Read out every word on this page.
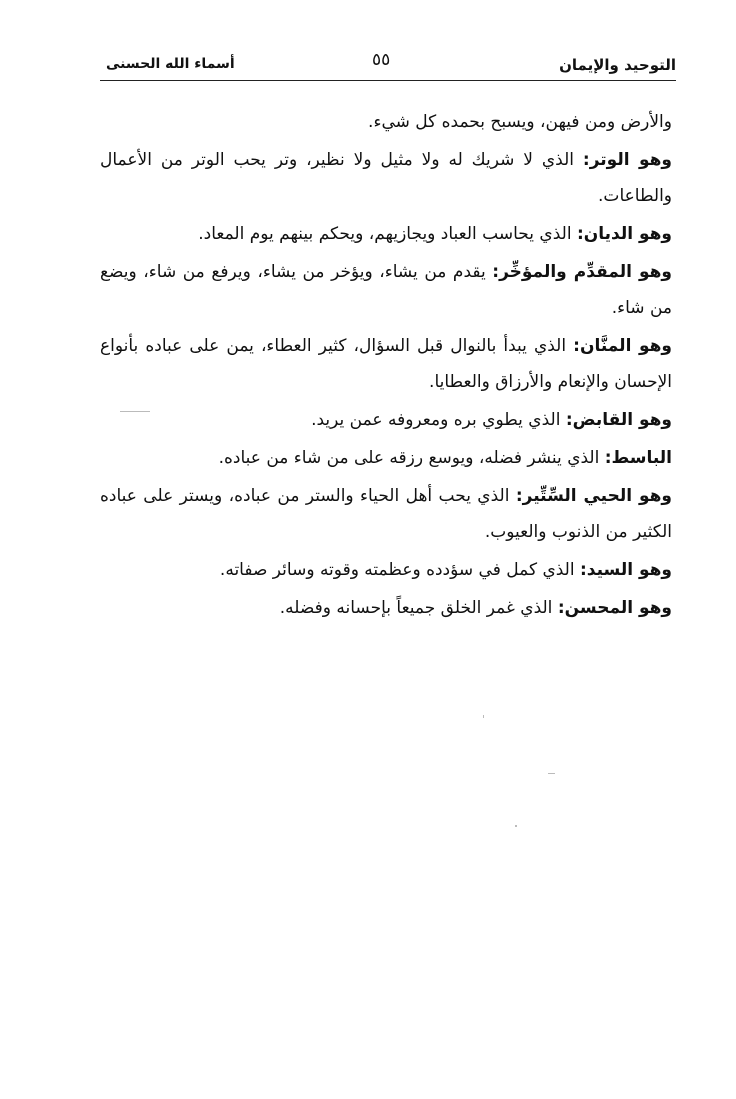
التوحيد والإيمان
٥٥
أسماء الله الحسنى

والأرض ومن فيهن، ويسبح بحمده كل شيء.

وهو الوتر: الذي لا شريك له ولا مثيل ولا نظير، وتر يحب الوتر من الأعمال والطاعات.

وهو الديان: الذي يحاسب العباد ويجازيهم، ويحكم بينهم يوم المعاد.

وهو المقدِّم والمؤخِّر: يقدم من يشاء، ويؤخر من يشاء، ويرفع من شاء، ويضع من شاء.

وهو المنَّان: الذي يبدأ بالنوال قبل السؤال، كثير العطاء، يمن على عباده بأنواع الإحسان والإنعام والأرزاق والعطايا.

وهو القابض: الذي يطوي بره ومعروفه عمن يريد.

الباسط: الذي ينشر فضله، ويوسع رزقه على من شاء من عباده.

وهو الحيي السِّتِّير: الذي يحب أهل الحياء والستر من عباده، ويستر على عباده الكثير من الذنوب والعيوب.

وهو السيد: الذي كمل في سؤدده وعظمته وقوته وسائر صفاته.

وهو المحسن: الذي غمر الخلق جميعاً بإحسانه وفضله.
